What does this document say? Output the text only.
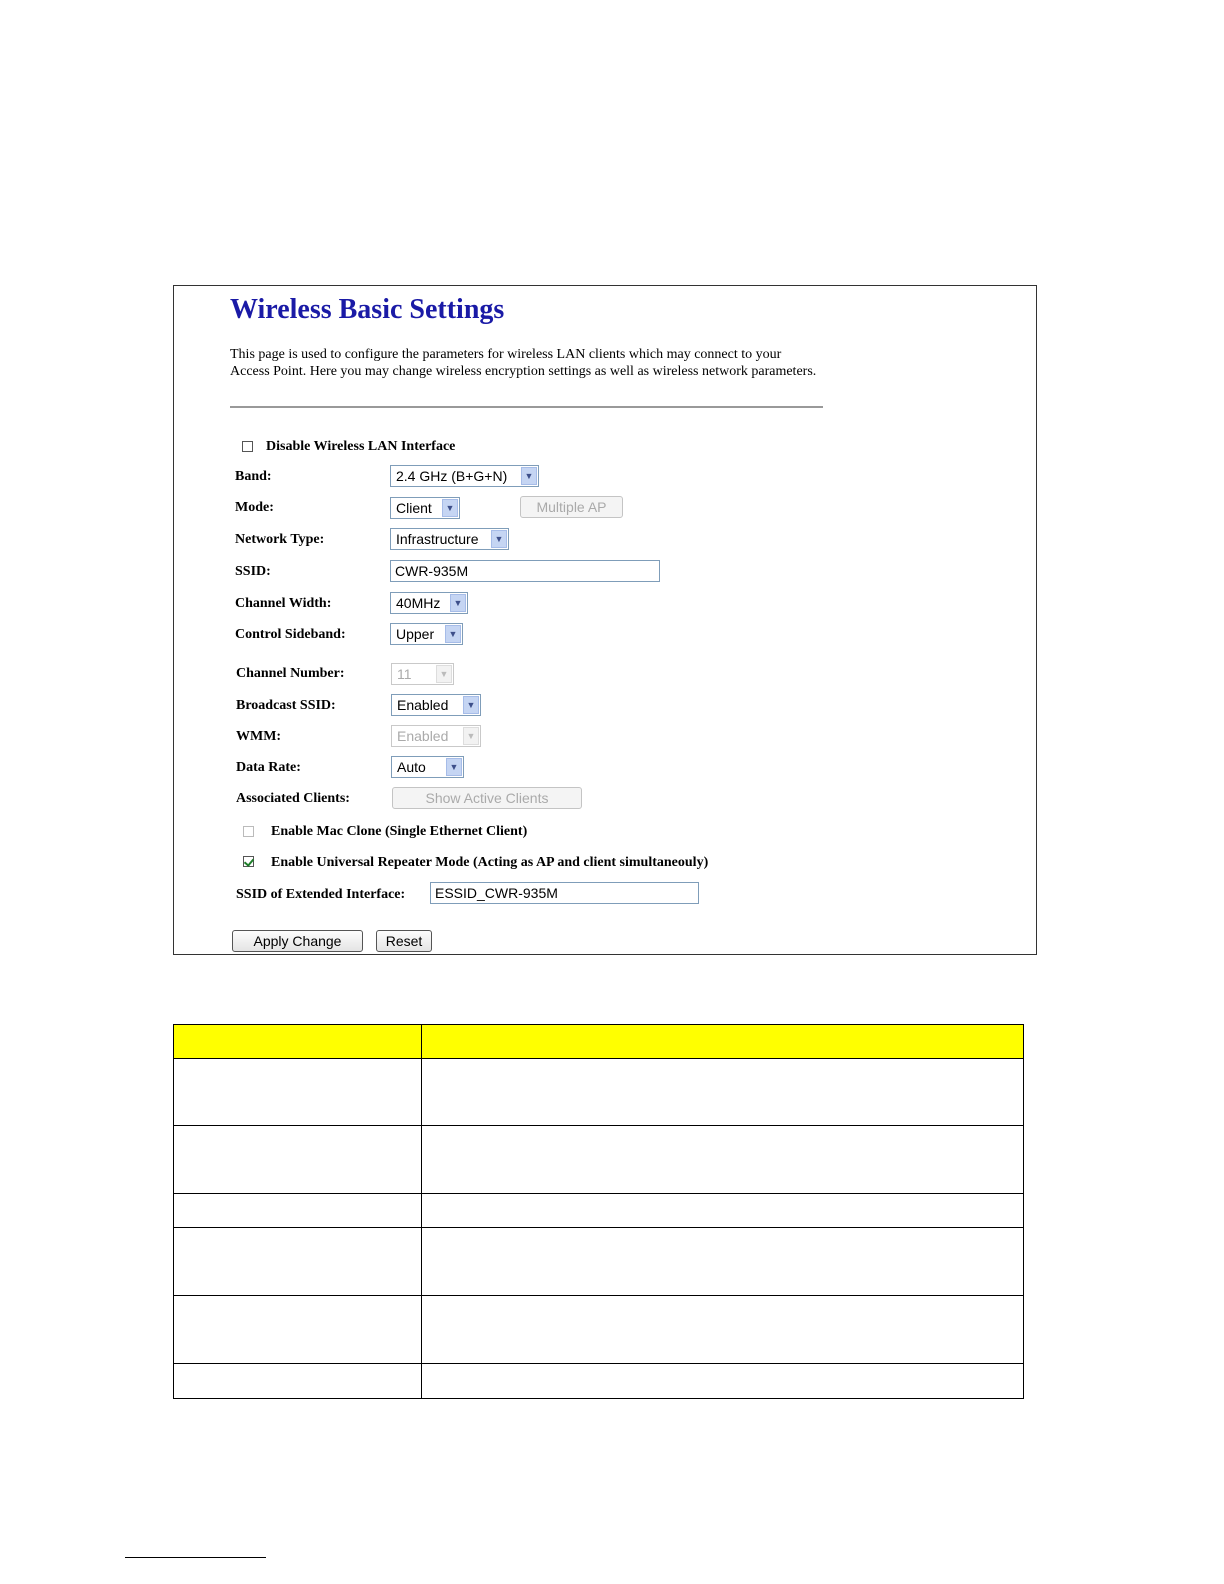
Wireless Basic Settings
This page is used to configure the parameters for wireless LAN clients which may connect to your Access Point. Here you may change wireless encryption settings as well as wireless network parameters.
Disable Wireless LAN Interface
Band:	2.4 GHz (B+G+N)	▼
Mode:	Client	▼	Multiple AP
Network Type:	Infrastructure	▼
SSID:	CWR-935M
Channel Width:	40MHz	▼
Control Sideband:	Upper	▼
Channel Number:	11	▼
Broadcast SSID:	Enabled	▼
WMM:	Enabled	▼
Data Rate:	Auto	▼
Associated Clients:	Show Active Clients
Enable Mac Clone (Single Ethernet Client)
Enable Universal Repeater Mode (Acting as AP and client simultaneouly)
SSID of Extended Interface:	ESSID_CWR-935M
Apply Change	Reset
